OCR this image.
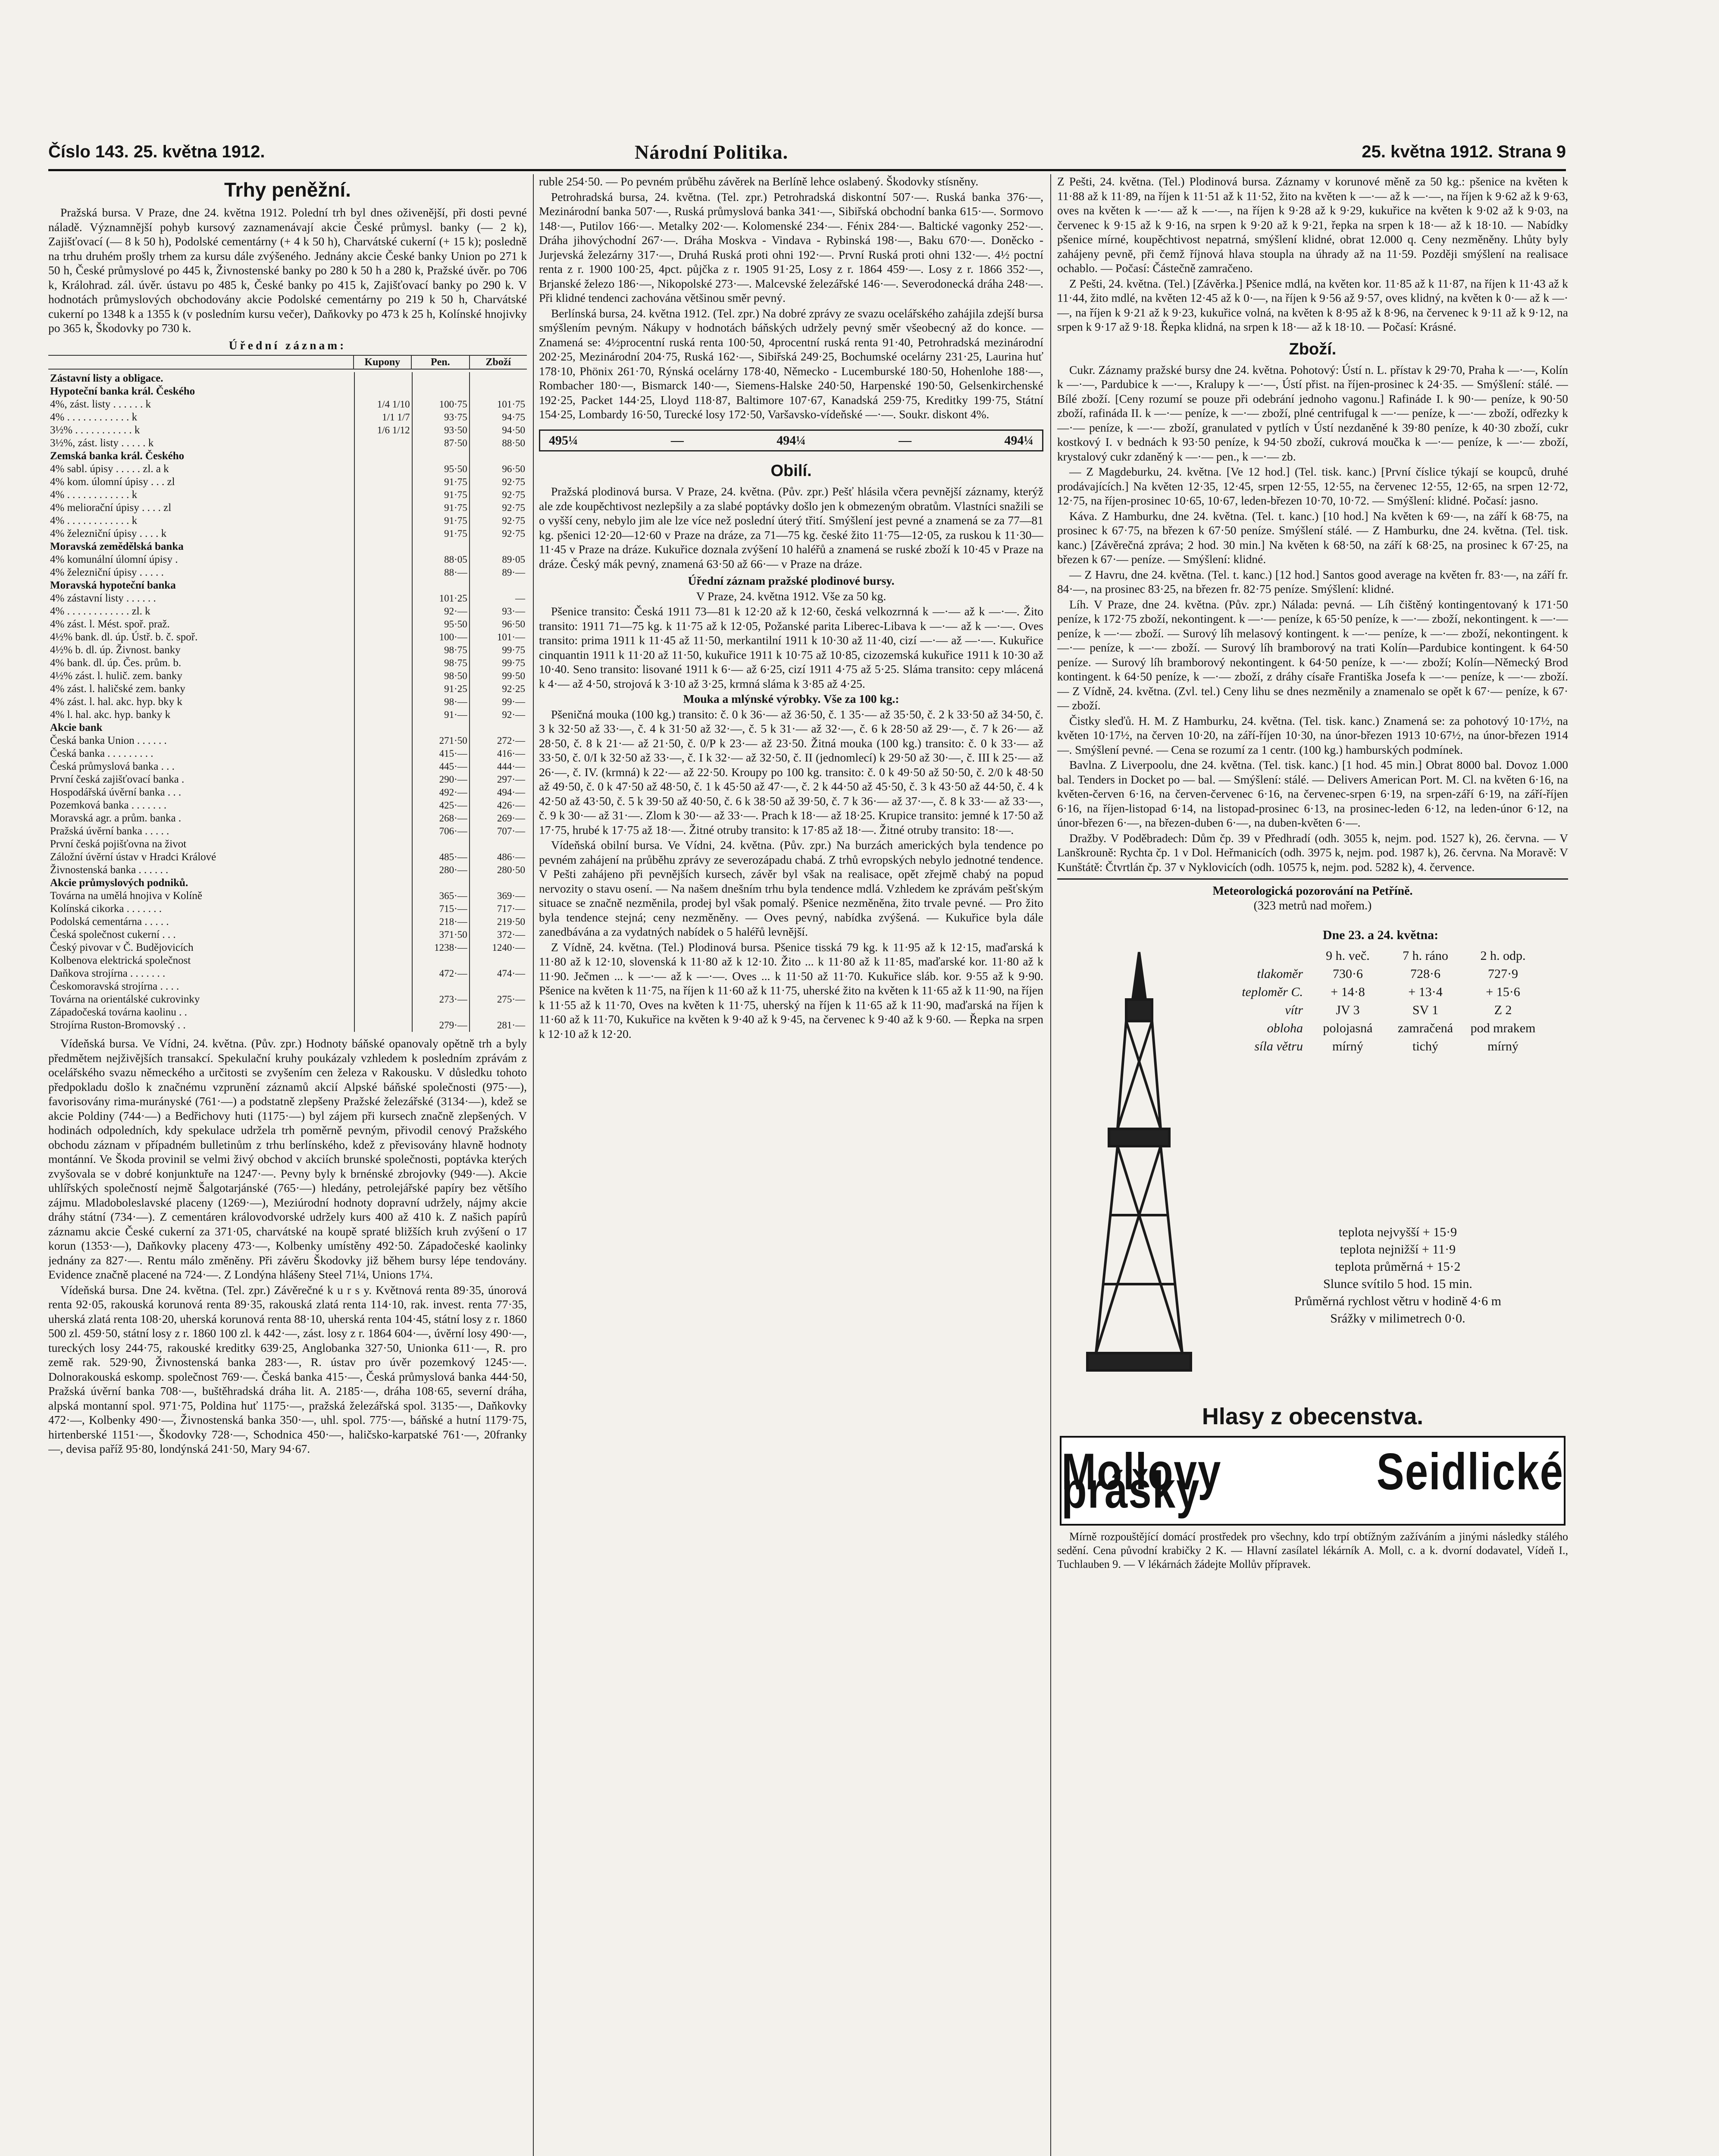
Číslo 143. 25. května 1912.	Národní Politika.	25. května 1912. Strana 9
Trhy peněžní.

Pražská bursa. V Praze, dne 24. května 1912. Polední trh byl dnes oživenější, při dosti pevné náladě. Významnější pohyb kursový zaznamenávají akcie České průmysl. banky (— 2 k), Zajišťovací (— 8 k 50 h), Podolské cementárny (+ 4 k 50 h), Charvátské cukerní (+ 15 k); posledně na trhu druhém prošly trhem za kursu dále zvýšeného. Jednány akcie České banky Union po 271 k 50 h, České průmyslové po 445 k, Živnostenské banky po 280 k 50 h a 280 k, Pražské úvěr. po 706 k, Králohrad. zál. úvěr. ústavu po 485 k, České banky po 415 k, Zajišťovací banky po 290 k. V hodnotách průmyslových obchodovány akcie Podolské cementárny po 219 k 50 h, Charvátské cukerní po 1348 k a 1355 k (v posledním kursu večer), Daňkovky po 473 k 25 h, Kolínské hnojivky po 365 k, Škodovky po 730 k.

Úřední záznam:

Kupony	Pen.	Zboží
Zástavní listy a obligace.			
Hypoteční banka král. Českého			
4%, zást. listy . . . . . . k	1/4 1/10	100·75	101·75
4% . . . . . . . . . . . . k	1/1 1/7	93·75	94·75
3½% . . . . . . . . . . . k	1/6 1/12	93·50	94·50
3½%, zást. listy . . . . . k		87·50	88·50
Zemská banka král. Českého			
4% sabl. úpisy . . . . . zl. a k		95·50	96·50
4% kom. úlomní úpisy . . . zl		91·75	92·75
4% . . . . . . . . . . . . k		91·75	92·75
4% meliorační úpisy . . . . zl		91·75	92·75
4% . . . . . . . . . . . . k		91·75	92·75
4% železniční úpisy . . . . k		91·75	92·75
Moravská zemědělská banka			
4% komunální úlomní úpisy .		88·05	89·05
4% železniční úpisy . . . . .		88·—	89·—
Moravská hypoteční banka			
4% zástavní listy . . . . . .		101·25	—
4% . . . . . . . . . . . . zl. k		92·—	93·—
4% zást. l. Mést. spoř. praž.		95·50	96·50
4½% bank. dl. úp. Ústř. b. č. spoř.		100·—	101·—
4½% b. dl. úp. Živnost. banky		98·75	99·75
4% bank. dl. úp. Čes. prům. b.		98·75	99·75
4½% zást. l. hulič. zem. banky		98·50	99·50
4% zást. l. haličské zem. banky		91·25	92·25
4% zást. l. hal. akc. hyp. bky k		98·—	99·—
4% l. hal. akc. hyp. banky k		91·—	92·—
Akcie bank			
Česká banka Union . . . . . .		271·50	272·—
Česká banka . . . . . . . . .		415·—	416·—
Česká průmyslová banka . . .		445·—	444·—
První česká zajišťovací banka .		290·—	297·—
Hospodářská úvěrní banka . . .		492·—	494·—
Pozemková banka . . . . . . .		425·—	426·—
Moravská agr. a prům. banka .		268·—	269·—
Pražská úvěrní banka . . . . .		706·—	707·—
První česká pojišťovna na život			
Záložní úvěrní ústav v Hradci Králové		485·—	486·—
Živnostenská banka . . . . . .		280·—	280·50
Akcie průmyslových podniků.			
Továrna na umělá hnojiva v Kolíně		365·—	369·—
Kolínská cikorka . . . . . . .		715·—	717·—
Podolská cementárna . . . . .		218·—	219·50
Česká společnost cukerní . . .		371·50	372·—
Český pivovar v Č. Budějovicích		1238·—	1240·—
Kolbenova elektrická společnost			
Daňkova strojírna . . . . . . .		472·—	474·—
Českomoravská strojírna . . . .			
Továrna na orientálské cukrovinky		273·—	275·—
Západočeská továrna kaolinu . .			
Strojírna Ruston-Bromovský . .		279·—	281·—

Vídeňská bursa. Ve Vídni, 24. května. (Pův. zpr.) Hodnoty báňské opanovaly opětně trh a byly předmětem nejživějších transakcí. Spekulační kruhy poukázaly vzhledem k posledním zprávám z ocelářského svazu německého a určitosti se zvyšením cen železa v Rakousku. V důsledku tohoto předpokladu došlo k značnému vzprunění záznamů akcií Alpské báňské společnosti (975·—), favorisovány rima-murányské (761·—) a podstatně zlepšeny Pražské železářské (3134·—), kdež se akcie Poldiny (744·—) a Bedřichovy huti (1175·—) byl zájem při kursech značně zlepšených. V hodinách odpoledních, kdy spekulace udržela trh poměrně pevným, přivodil cenový Pražského obchodu záznam v případném bulletinům z trhu berlínského, kdež z převisovány hlavně hodnoty montánní. Ve Škoda provinil se velmi živý obchod v akciích brunské společnosti, poptávka kterých zvyšovala se v dobré konjunktuře na 1247·—. Pevny byly k brnénské zbrojovky (949·—). Akcie uhlířských společností nejmě Šalgotarjánské (765·—) hledány, petrolejářské papíry bez většího zájmu. Mladoboleslavské placeny (1269·—), Meziúrodní hodnoty dopravní udržely, nájmy akcie dráhy státní (734·—). Z cementáren královodvorské udržely kurs 400 až 410 k. Z našich papírů záznamu akcie České cukerní za 371·05, charvátské na koupě spraté bližších kruh zvýšení o 17 korun (1353·—), Daňkovky placeny 473·—, Kolbenky umístěny 492·50. Západočeské kaolinky jednány za 827·—. Rentu málo změněny. Při závěru Škodovky již během bursy lépe tendovány. Evidence značně placené na 724·—. Z Londýna hlášeny Steel 71¼, Unions 17¼.

Vídeňská bursa. Dne 24. května. (Tel. zpr.) Závěrečné k u r s y. Květnová renta 89·35, únorová renta 92·05, rakouská korunová renta 89·35, rakouská zlatá renta 114·10, rak. invest. renta 77·35, uherská zlatá renta 108·20, uherská korunová renta 88·10, uherská renta 104·45, státní losy z r. 1860 500 zl. 459·50, státní losy z r. 1860 100 zl. k 442·—, zást. losy z r. 1864 604·—, úvěrní losy 490·—, tureckých losy 244·75, rakouské kreditky 639·25, Anglobanka 327·50, Unionka 611·—, R. pro země rak. 529·90, Živnostenská banka 283·—, R. ústav pro úvěr pozemkový 1245·—. Dolnorakouská eskomp. společnost 769·—. Česká banka 415·—, Česká průmyslová banka 444·50, Pražská úvěrní banka 708·—, buštěhradská dráha lit. A. 2185·—, dráha 108·65, severní dráha, alpská montanní spol. 971·75, Poldina huť 1175·—, pražská železářská spol. 3135·—, Daňkovky 472·—, Kolbenky 490·—, Živnostenská banka 350·—, uhl. spol. 775·—, báňské a hutní 1179·75, hirtenberské 1151·—, Škodovky 728·—, Schodnica 450·—, haličsko-karpatské 761·—, 20franky —, devisa paříž 95·80, londýnská 241·50, Mary 94·67.

ruble 254·50. — Po pevném průběhu závěrek na Berlíně lehce oslabený. Škodovky stísněny.

Petrohradská bursa, 24. května. (Tel. zpr.) Petrohradská diskontní 507·—. Ruská banka 376·—, Mezinárodní banka 507·—, Ruská průmyslová banka 341·—, Sibiřská obchodní banka 615·—. Sormovo 148·—, Putilov 166·—. Metalky 202·—. Kolomenské 234·—. Fénix 284·—. Baltické vagonky 252·—. Dráha jihovýchodní 267·—. Dráha Moskva - Vindava - Rybinská 198·—, Baku 670·—. Doněcko - Jurjevská železárny 317·—, Druhá Ruská proti ohni 192·—. První Ruská proti ohni 132·—. 4½ poctní renta z r. 1900 100·25, 4pct. půjčka z r. 1905 91·25, Losy z r. 1864 459·—. Losy z r. 1866 352·—, Brjanské železo 186·—, Nikopolské 273·—. Malcevské železářské 146·—. Severodonecká dráha 248·—. Při klidné tendenci zachována většinou směr pevný.

Berlínská bursa, 24. května 1912. (Tel. zpr.) Na dobré zprávy ze svazu ocelářského zahájila zdejší bursa smýšlením pevným. Nákupy v hodnotách báňských udržely pevný směr všeobecný až do konce. — Znamená se: 4½procentní ruská renta 100·50, 4procentní ruská renta 91·40, Petrohradská mezinárodní 202·25, Mezinárodní 204·75, Ruská 162·—, Sibiřská 249·25, Bochumské ocelárny 231·25, Laurina huť 178·10, Phönix 261·70, Rýnská ocelárny 178·40, Německo - Lucemburské 180·50, Hohenlohe 188·—, Rombacher 180·—, Bismarck 140·—, Siemens-Halske 240·50, Harpenské 190·50, Gelsenkirchenské 192·25, Packet 144·25, Lloyd 118·87, Baltimore 107·67, Kanadská 259·75, Kreditky 199·75, Státní 154·25, Lombardy 16·50, Turecké losy 172·50, Varšavsko-vídeňské —·—. Soukr. diskont 4%.

495¼	—	494¼	—	494¼
Obilí.

Pražská plodinová bursa. V Praze, 24. května. (Pův. zpr.) Pešť hlásila včera pevnější záznamy, kterýž ale zde koupěchtivost nezlepšily a za slabé poptávky došlo jen k obmezeným obratům. Vlastníci snažili se o vyšší ceny, nebylo jim ale lze více než poslední úterý třití. Smýšlení jest pevné a znamená se za 77—81 kg. pšenici 12·20—12·60 v Praze na dráze, za 71—75 kg. české žito 11·75—12·05, za ruskou k 11·30—11·45 v Praze na dráze. Kukuřice doznala zvýšení 10 haléřů a znamená se ruské zboží k 10·45 v Praze na dráze. Český mák pevný, znamená 63·50 až 66·— v Praze na dráze.

Úřední záznam pražské plodinové bursy.

V Praze, 24. května 1912. Vše za 50 kg.

Pšenice transito: Česká 1911 73—81 k 12·20 až k 12·60, česká velkozrnná k —·— až k —·—. Žito transito: 1911 71—75 kg. k 11·75 až k 12·05, Požanské parita Liberec-Libava k —·— až k —·—. Oves transito: prima 1911 k 11·45 až 11·50, merkantilní 1911 k 10·30 až 11·40, cizí —·— až —·—. Kukuřice cinquantin 1911 k 11·20 až 11·50, kukuřice 1911 k 10·75 až 10·85, cizozemská kukuřice 1911 k 10·30 až 10·40. Seno transito: lisované 1911 k 6·— až 6·25, cizí 1911 4·75 až 5·25. Sláma transito: cepy mlácená k 4·— až 4·50, strojová k 3·10 až 3·25, krmná sláma k 3·85 až 4·25.

Mouka a mlýnské výrobky. Vše za 100 kg.:

Pšeničná mouka (100 kg.) transito: č. 0 k 36·— až 36·50, č. 1 35·— až 35·50, č. 2 k 33·50 až 34·50, č. 3 k 32·50 až 33·—, č. 4 k 31·50 až 32·—, č. 5 k 31·— až 32·—, č. 6 k 28·50 až 29·—, č. 7 k 26·— až 28·50, č. 8 k 21·— až 21·50, č. 0/P k 23·— až 23·50. Žitná mouka (100 kg.) transito: č. 0 k 33·— až 33·50, č. 0/I k 32·50 až 33·—, č. I k 32·— až 32·50, č. II (jednomlecí) k 29·50 až 30·—, č. III k 25·— až 26·—, č. IV. (krmná) k 22·— až 22·50. Kroupy po 100 kg. transito: č. 0 k 49·50 až 50·50, č. 2/0 k 48·50 až 49·50, č. 0 k 47·50 až 48·50, č. 1 k 45·50 až 47·—, č. 2 k 44·50 až 45·50, č. 3 k 43·50 až 44·50, č. 4 k 42·50 až 43·50, č. 5 k 39·50 až 40·50, č. 6 k 38·50 až 39·50, č. 7 k 36·— až 37·—, č. 8 k 33·— až 33·—, č. 9 k 30·— až 31·—. Zlom k 30·— až 33·—. Prach k 18·— až 18·25. Krupice transito: jemné k 17·50 až 17·75, hrubé k 17·75 až 18·—. Žitné otruby transito: k 17·85 až 18·—. Žitné otruby transito: 18·—.

Vídeňská obilní bursa. Ve Vídni, 24. května. (Pův. zpr.) Na burzách amerických byla tendence po pevném zahájení na průběhu zprávy ze severozápadu chabá. Z trhů evropských nebylo jednotné tendence. V Pešti zahájeno při pevnějších kursech, závěr byl však na realisace, opět zřejmě chabý na popud nervozity o stavu osení. — Na našem dnešním trhu byla tendence mdlá. Vzhledem ke zprávám pešťským situace se značně nezměnila, prodej byl však pomalý. Pšenice nezměněna, žito trvale pevné. — Pro žito byla tendence stejná; ceny nezměněny. — Oves pevný, nabídka zvýšená. — Kukuřice byla dále zanedbávána a za vydatných nabídek o 5 haléřů levnější.

Z Vídně, 24. května. (Tel.) Plodinová bursa. Pšenice tisská 79 kg. k 11·95 až k 12·15, maďarská k 11·80 až k 12·10, slovenská k 11·80 až k 12·10. Žito ... k 11·80 až k 11·85, maďarské kor. 11·80 až k 11·90. Ječmen ... k —·— až k —·—. Oves ... k 11·50 až 11·70. Kukuřice sláb. kor. 9·55 až k 9·90. Pšenice na květen k 11·75, na říjen k 11·60 až k 11·75, uherské žito na květen k 11·65 až k 11·90, na říjen k 11·55 až k 11·70, Oves na květen k 11·75, uherský na říjen k 11·65 až k 11·90, maďarská na říjen k 11·60 až k 11·70, Kukuřice na květen k 9·40 až k 9·45, na červenec k 9·40 až k 9·60. — Řepka na srpen k 12·10 až k 12·20.

Z Pešti, 24. května. (Tel.) Plodinová bursa. Záznamy v korunové měně za 50 kg.: pšenice na květen k 11·88 až k 11·89, na říjen k 11·51 až k 11·52, žito na květen k —·— až k —·—, na říjen k 9·62 až k 9·63, oves na květen k —·— až k —·—, na říjen k 9·28 až k 9·29, kukuřice na květen k 9·02 až k 9·03, na červenec k 9·15 až k 9·16, na srpen k 9·20 až k 9·21, řepka na srpen k 18·— až k 18·10. — Nabídky pšenice mírné, koupěchtivost nepatrná, smýšlení klidné, obrat 12.000 q. Ceny nezměněny. Lhůty byly zahájeny pevně, při čemž říjnová hlava stoupla na úhrady až na 11·59. Později smýšlení na realisace ochablo. — Počasí: Částečně zamračeno.

Z Pešti, 24. května. (Tel.) [Závěrka.] Pšenice mdlá, na květen kor. 11·85 až k 11·87, na říjen k 11·43 až k 11·44, žito mdlé, na květen 12·45 až k 0·—, na říjen k 9·56 až 9·57, oves klidný, na květen k 0·— až k —·—, na říjen k 9·21 až k 9·23, kukuřice volná, na květen k 8·95 až k 8·96, na červenec k 9·11 až k 9·12, na srpen k 9·17 až 9·18. Řepka klidná, na srpen k 18·— až k 18·10. — Počasí: Krásné.

Zboží.

Cukr. Záznamy pražské bursy dne 24. května. Pohotový: Ústí n. L. přístav k 29·70, Praha k —·—, Kolín k —·—, Pardubice k —·—, Kralupy k —·—, Ústí přist. na říjen-prosinec k 24·35. — Smýšlení: stálé. — Bílé zboží. [Ceny rozumí se pouze při odebrání jednoho vagonu.] Rafináde I. k 90·— peníze, k 90·50 zboží, rafináda II. k —·— peníze, k —·— zboží, plné centrifugal k —·— peníze, k —·— zboží, odřezky k —·— peníze, k —·— zboží, granulated v pytlích v Ústí nezdaněné k 39·80 peníze, k 40·30 zboží, cukr kostkový I. v bednách k 93·50 peníze, k 94·50 zboží, cukrová moučka k —·— peníze, k —·— zboží, krystalový cukr zdaněný k —·— pen., k —·— zb.

— Z Magdeburku, 24. května. [Ve 12 hod.] (Tel. tisk. kanc.) [První číslice týkají se koupců, druhé prodávajících.] Na květen 12·35, 12·45, srpen 12·55, 12·55, na červenec 12·55, 12·65, na srpen 12·72, 12·75, na říjen-prosinec 10·65, 10·67, leden-březen 10·70, 10·72. — Smýšlení: klidné. Počasí: jasno.

Káva. Z Hamburku, dne 24. května. (Tel. t. kanc.) [10 hod.] Na květen k 69·—, na září k 68·75, na prosinec k 67·75, na březen k 67·50 peníze. Smýšlení stálé. — Z Hamburku, dne 24. května. (Tel. tisk. kanc.) [Závěrečná zpráva; 2 hod. 30 min.] Na květen k 68·50, na září k 68·25, na prosinec k 67·25, na březen k 67·— peníze. — Smýšlení: klidné.

— Z Havru, dne 24. května. (Tel. t. kanc.) [12 hod.] Santos good average na květen fr. 83·—, na září fr. 84·—, na prosinec 83·25, na březen fr. 82·75 peníze. Smýšlení: klidné.

Líh. V Praze, dne 24. května. (Pův. zpr.) Nálada: pevná. — Líh čištěný kontingentovaný k 171·50 peníze, k 172·75 zboží, nekontingent. k —·— peníze, k 65·50 peníze, k —·— zboží, nekontingent. k —·— peníze, k —·— zboží. — Surový líh melasový kontingent. k —·— peníze, k —·— zboží, nekontingent. k —·— peníze, k —·— zboží. — Surový líh bramborový na trati Kolín—Pardubice kontingent. k 64·50 peníze. — Surový líh bramborový nekontingent. k 64·50 peníze, k —·— zboží; Kolín—Německý Brod kontingent. k 64·50 peníze, k —·— zboží, z dráhy císaře Františka Josefa k —·— peníze, k —·— zboží. — Z Vídně, 24. května. (Zvl. tel.) Ceny lihu se dnes nezměnily a znamenalo se opět k 67·— peníze, k 67·— zboží.

Čistky sleďů. H. M. Z Hamburku, 24. května. (Tel. tisk. kanc.) Znamená se: za pohotový 10·17½, na květen 10·17½, na červen 10·20, na září-říjen 10·30, na únor-březen 1913 10·67½, na únor-březen 1914 —. Smýšlení pevné. — Cena se rozumí za 1 centr. (100 kg.) hamburských podmínek.

Bavlna. Z Liverpoolu, dne 24. května. (Tel. tisk. kanc.) [1 hod. 45 min.] Obrat 8000 bal. Dovoz 1.000 bal. Tenders in Docket po — bal. — Smýšlení: stálé. — Delivers American Port. M. Cl. na květen 6·16, na květen-červen 6·16, na červen-červenec 6·16, na červenec-srpen 6·19, na srpen-září 6·19, na září-říjen 6·16, na říjen-listopad 6·14, na listopad-prosinec 6·13, na prosinec-leden 6·12, na leden-únor 6·12, na únor-březen 6·—, na březen-duben 6·—, na duben-květen 6·—.

Dražby. V Poděbradech: Dům čp. 39 v Předhradí (odh. 3055 k, nejm. pod. 1527 k), 26. června. — V Lanškrouně: Rychta čp. 1 v Dol. Heřmanicích (odh. 3975 k, nejm. pod. 1987 k), 26. června. Na Moravě: V Kunštátě: Čtvrtlán čp. 37 v Nyklovicích (odh. 10575 k, nejm. pod. 5282 k), 4. července.

Meteorologická pozorování na Petříně.
(323 metrů nad mořem.)
Dne 23. a 24. května:
9 h. več.	7 h. ráno	2 h. odp.
tlakoměr	730·6	728·6	727·9
teploměr C.	+ 14·8	+ 13·4	+ 15·6
vítr	JV 3	SV 1	Z 2
obloha	polojasná	zamračená	pod mrakem
síla větru	mírný	tichý	mírný
teplota nejvyšší + 15·9
teplota nejnižší + 11·9
teplota průměrná + 15·2
Slunce svítilo 5 hod. 15 min.
Průměrná rychlost větru v hodině 4·6 m
Srážky v milimetrech 0·0.
Hlasy z obecenstva.
Mollovy Seidlické prášky

Mírně rozpouštějící domácí prostředek pro všechny, kdo trpí obtížným zažíváním a jinými následky stálého sedění. Cena původní krabičky 2 K. — Hlavní zasílatel lékárník A. Moll, c. a k. dvorní dodavatel, Vídeň I., Tuchlauben 9. — V lékárnách žádejte Mollův přípravek.
